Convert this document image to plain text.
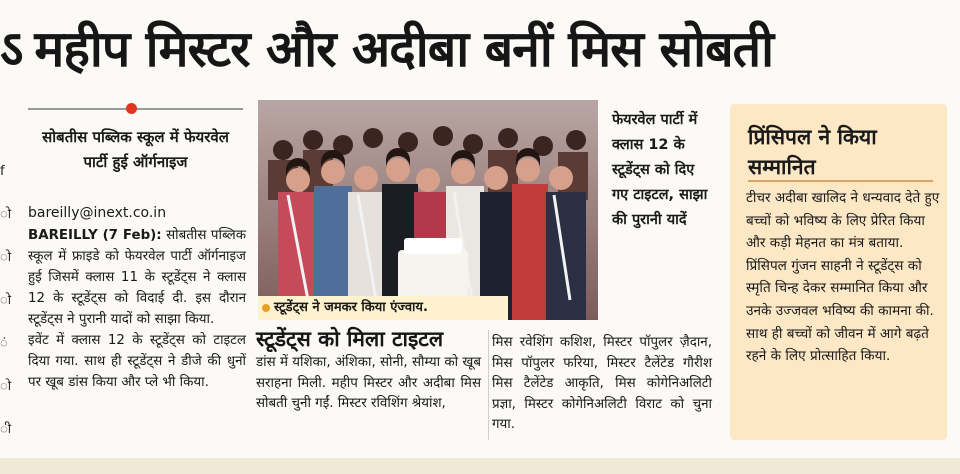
ऽ महीप मिस्टर और अदीबा बनीं मिस सोबती
f
ो
ो
ो
ं
ो
ी
सोबतीस पब्लिक स्कूल में फेयरवेल पार्टी हुई ऑर्गनाइज
bareilly@inext.co.in

BAREILLY (7 Feb): सोबतीस पब्लिक स्कूल में फ्राइडे को फेयरवेल पार्टी ऑर्गनाइज हुई जिसमें क्लास 11 के स्टूडेंट्स ने क्लास 12 के स्टूडेंट्स को विदाई दी. इस दौरान स्टूडेंट्स ने पुरानी यादों को साझा किया.

इवेंट में क्लास 12 के स्टूडेंट्स को टाइटल दिया गया. साथ ही स्टूडेंट्स ने डीजे की धुनों पर खूब डांस किया और प्ले भी किया.

स्टूडेंट्स ने जमकर किया एंज्वाय.
फेयरवेल पार्टी में क्लास 12 के स्टूडेंट्स को दिए गए टाइटल, साझा की पुरानी यादें
स्टूडेंट्स को मिला टाइटल
डांस में यशिका, अंशिका, सोनी, सौम्या को खूब सराहना मिली. महीप मिस्टर और अदीबा मिस सोबती चुनी गईं. मिस्टर रविशिंग श्रेयांश,
मिस रवेशिंग कशिश, मिस्टर पॉपुलर ज़ैदान, मिस पॉपुलर फरिया, मिस्टर टैलेंटेड गौरीश मिस टैलेंटेड आकृति, मिस कोगेनिअलिटी प्रज्ञा, मिस्टर कोगेनिअलिटी विराट को चुना गया.
प्रिंसिपल ने किया सम्मानित
टीचर अदीबा खालिद ने धन्यवाद देते हुए बच्चों को भविष्य के लिए प्रेरित किया और कड़ी मेहनत का मंत्र बताया. प्रिंसिपल गुंजन साहनी ने स्टूडेंट्स को स्मृति चिन्ह देकर सम्मानित किया और उनके उज्जवल भविष्य की कामना की. साथ ही बच्चों को जीवन में आगे बढ़ते रहने के लिए प्रोत्साहित किया.
